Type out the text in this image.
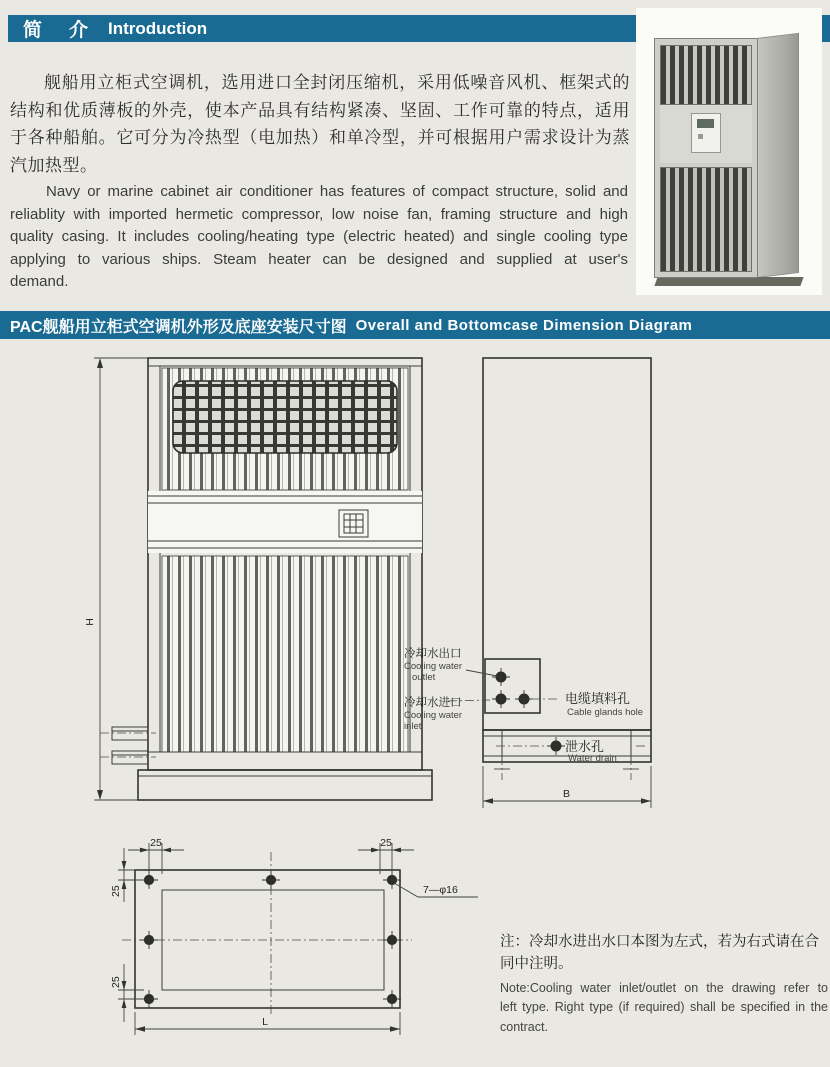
简　介 Introduction

舰船用立柜式空调机，选用进口全封闭压缩机，采用低噪音风机、框架式的结构和优质薄板的外壳，使本产品具有结构紧凑、坚固、工作可靠的特点，适用于各种船舶。它可分为冷热型（电加热）和单冷型，并可根据用户需求设计为蒸汽加热型。

Navy or marine cabinet air conditioner has features of compact structure, solid and reliablity with imported hermetic compressor, low noise fan, framing structure and high quality casing. It includes cooling/heating type (electric heated) and single cooling type applying to various ships. Steam heater can be designed and supplied at user's demand.

PAC舰船用立柜式空调机外形及底座安装尺寸图 Overall and Bottomcase Dimension Diagram
H
冷却水出口
Cooling water
outlet
冷却水进口
Cooling water
inlet
电缆填料孔
Cable glands hole
泄水孔
Water drain
B
25	25
25
25
7—φ16
L
注：冷却水进出水口本图为左式，若为右式请在合同中注明。
Note:Cooling water inlet/outlet on the drawing refer to left type. Right type (if required) shall be specified in the contract.
